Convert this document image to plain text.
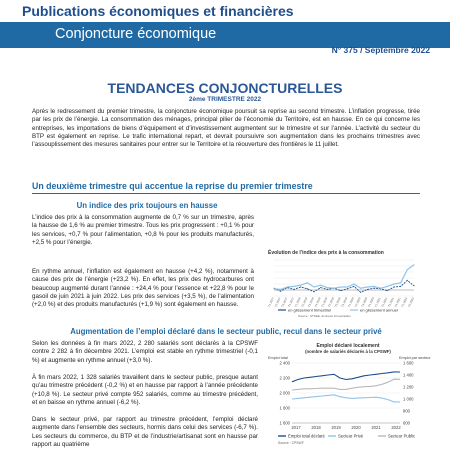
Publications économiques et financières
Conjoncture économique
N° 375 / Septembre 2022
TENDANCES CONJONCTURELLES
2ème TRIMESTRE 2022
Après le redressement du premier trimestre, la conjoncture économique poursuit sa reprise au second trimestre. L’inflation progresse, tirée par les prix de l’énergie. La consommation des ménages, principal pilier de l’économie du Territoire, est en hausse. En ce qui concerne les entreprises, les importations de biens d’équipement et d’investissement augmentent sur le trimestre et sur l’année. L’activité du secteur du BTP est également en reprise. Le trafic international repart, et devrait poursuivre son augmentation dans les prochains trimestres avec l’assouplissement des mesures sanitaires pour entrer sur le Territoire et la réouverture des frontières le 11 juillet.
Un deuxième trimestre qui accentue la reprise du premier trimestre
Un indice des prix toujours en hausse
L’indice des prix à la consommation augmente de 0,7 % sur un trimestre, après la hausse de 1,6 % au premier trimestre. Tous les prix progressent : +0,1 % pour les services, +0,7 % pour l’alimentation, +0,8 % pour les produits manufacturés, +2,5 % pour l’énergie.
En rythme annuel, l’inflation est également en hausse (+4,2 %), notamment à cause des prix de l’énergie (+23,2 %). En effet, les prix des hydrocarbures ont beaucoup augmenté durant l’année : +24,4 % pour l’essence et +22,8 % pour le gasoil de juin 2021 à juin 2022. Les prix des services (+3,5 %), de l’alimentation (+2,0 %) et des produits manufacturés (+1,9 %) sont également en hausse.
Évolution de l’indice des prix à la consommation
T1 2017
T2 2017
T3 2017
T4 2017
T1 2018
T2 2018
T3 2018
T4 2018
T1 2019
T2 2019
T3 2019
T4 2019
T1 2020
T2 2020
T3 2020
T4 2020
T1 2021
T2 2021
T3 2021
T4 2021
T1 2022
T2 2022
en glissement trimestriel	en glissement annuel
Source : STSEE, données trimestrielles
Augmentation de l’emploi déclaré dans le secteur public, recul dans le secteur privé
Selon les données à fin mars 2022, 2 280 salariés sont déclarés à la CPSWF contre 2 282 à fin décembre 2021. L’emploi est stable en rythme trimestriel (-0,1 %) et augmente en rythme annuel (+3,0 %).
À fin mars 2022, 1 328 salariés travaillent dans le secteur public, presque autant qu’au trimestre précédent (-0,2 %) et en hausse par rapport à l’année précédente (+10,8 %). Le secteur privé compte 952 salariés, comme au trimestre précédent, et en baisse en rythme annuel (-6,2 %).
Dans le secteur privé, par rapport au trimestre précédent, l’emploi déclaré augmente dans l’ensemble des secteurs, hormis dans celui des services (-6,7 %). Les secteurs du commerce, du BTP et de l’industrie/artisanat sont en hausse par rapport au quatrième
Emploi déclaré localement
(nombre de salariés déclarés à la CPSWF)
Emploi total	Emploi par secteur
2 400
2 200
2 000
1 800
1 600
1 600
1 400
1 200
1 000
800
600
2017	2018	2019	2020	2021	2022
Emploi total déclaré	Secteur Privé	Secteur Public
Source : CPSWF
